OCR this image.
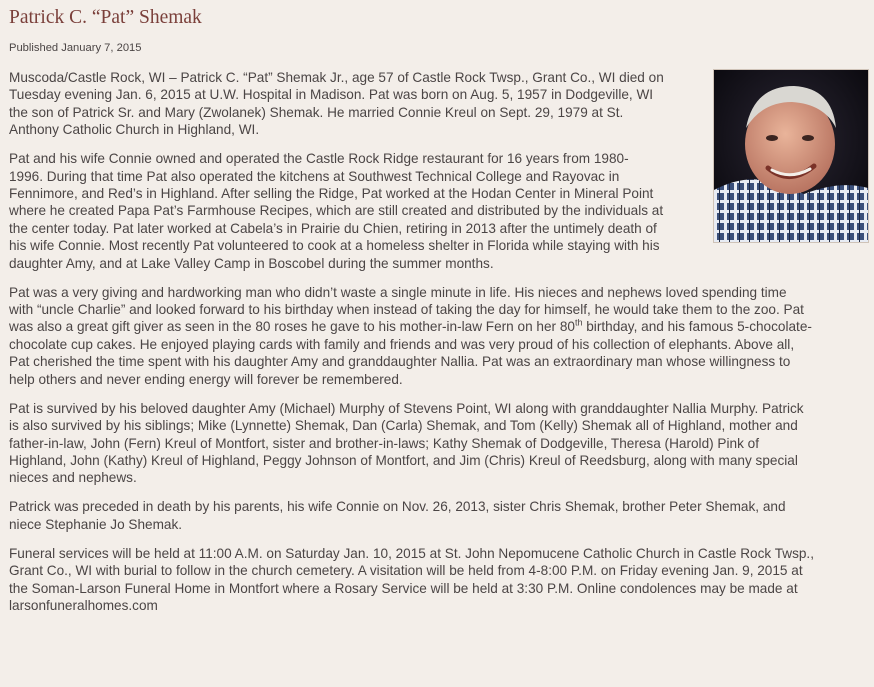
Patrick C. “Pat” Shemak
Published January 7, 2015

Muscoda/Castle Rock, WI – Patrick C. “Pat” Shemak Jr., age 57 of Castle Rock Twsp., Grant Co., WI died on
Tuesday evening Jan. 6, 2015 at U.W. Hospital in Madison. Pat was born on Aug. 5, 1957 in Dodgeville, WI
the son of Patrick Sr. and Mary (Zwolanek) Shemak. He married Connie Kreul on Sept. 29, 1979 at St.
Anthony Catholic Church in Highland, WI.

Pat and his wife Connie owned and operated the Castle Rock Ridge restaurant for 16 years from 1980-
1996. During that time Pat also operated the kitchens at Southwest Technical College and Rayovac in
Fennimore, and Red’s in Highland. After selling the Ridge, Pat worked at the Hodan Center in Mineral Point
where he created Papa Pat’s Farmhouse Recipes, which are still created and distributed by the individuals at
the center today. Pat later worked at Cabela’s in Prairie du Chien, retiring in 2013 after the untimely death of
his wife Connie. Most recently Pat volunteered to cook at a homeless shelter in Florida while staying with his
daughter Amy, and at Lake Valley Camp in Boscobel during the summer months.

Pat was a very giving and hardworking man who didn’t waste a single minute in life. His nieces and nephews loved spending time
with “uncle Charlie” and looked forward to his birthday when instead of taking the day for himself, he would take them to the zoo. Pat
was also a great gift giver as seen in the 80 roses he gave to his mother-in-law Fern on her 80th birthday, and his famous 5-chocolate-
chocolate cup cakes. He enjoyed playing cards with family and friends and was very proud of his collection of elephants. Above all,
Pat cherished the time spent with his daughter Amy and granddaughter Nallia. Pat was an extraordinary man whose willingness to
help others and never ending energy will forever be remembered.

Pat is survived by his beloved daughter Amy (Michael) Murphy of Stevens Point, WI along with granddaughter Nallia Murphy. Patrick
is also survived by his siblings; Mike (Lynnette) Shemak, Dan (Carla) Shemak, and Tom (Kelly) Shemak all of Highland, mother and
father-in-law, John (Fern) Kreul of Montfort, sister and brother-in-laws; Kathy Shemak of Dodgeville, Theresa (Harold) Pink of
Highland, John (Kathy) Kreul of Highland, Peggy Johnson of Montfort, and Jim (Chris) Kreul of Reedsburg, along with many special
nieces and nephews.

Patrick was preceded in death by his parents, his wife Connie on Nov. 26, 2013, sister Chris Shemak, brother Peter Shemak, and
niece Stephanie Jo Shemak.

Funeral services will be held at 11:00 A.M. on Saturday Jan. 10, 2015 at St. John Nepomucene Catholic Church in Castle Rock Twsp.,
Grant Co., WI with burial to follow in the church cemetery. A visitation will be held from 4-8:00 P.M. on Friday evening Jan. 9, 2015 at
the Soman-Larson Funeral Home in Montfort where a Rosary Service will be held at 3:30 P.M. Online condolences may be made at
larsonfuneralhomes.com
